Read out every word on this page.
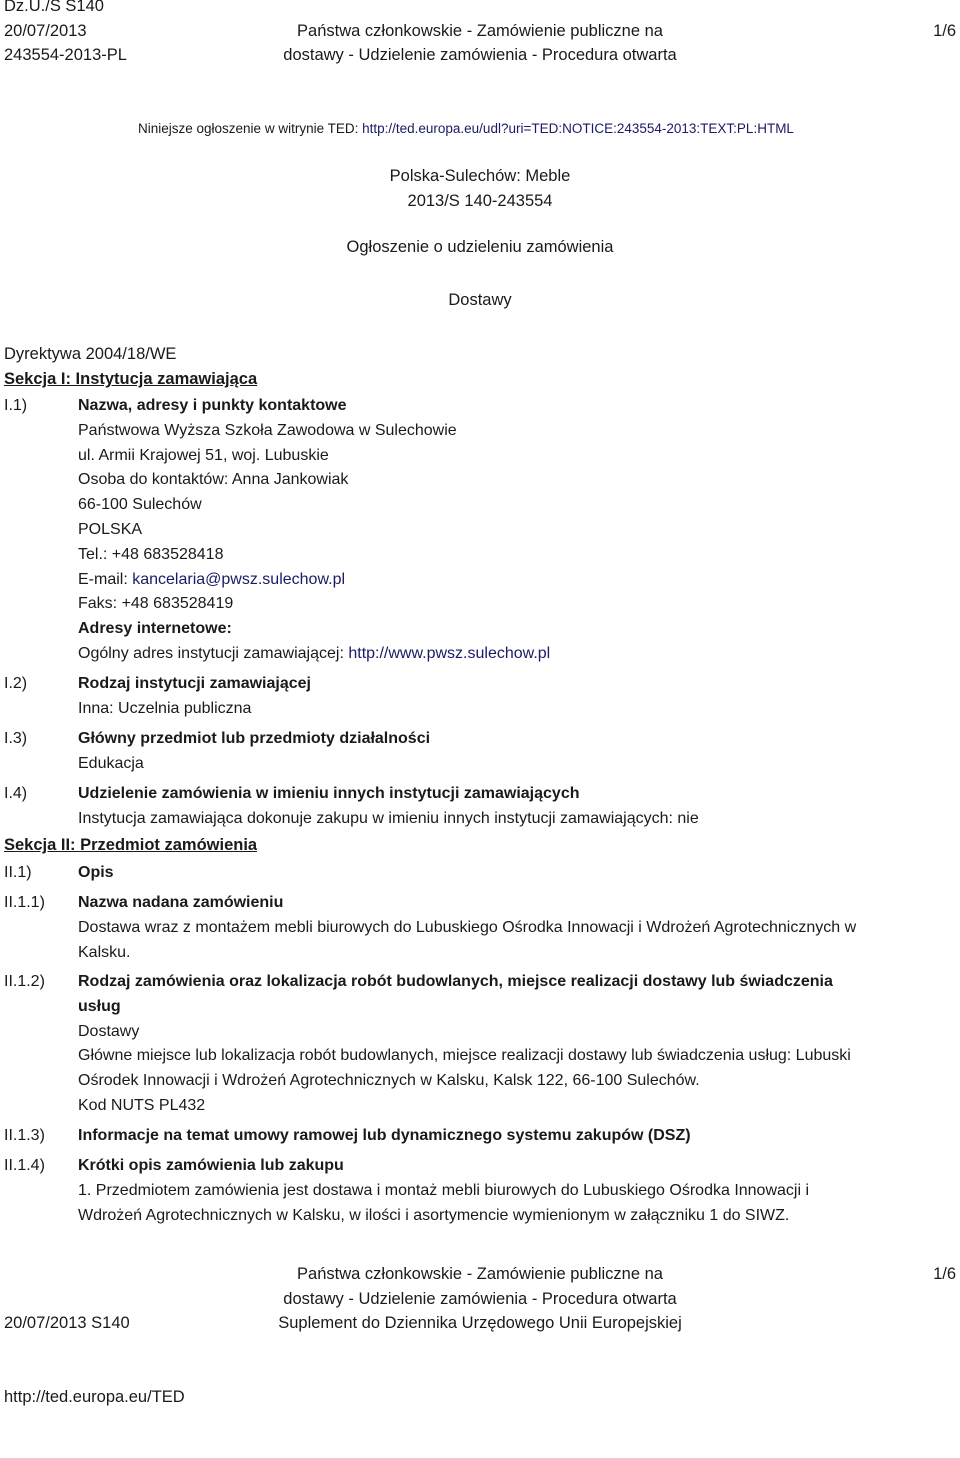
Dz.U./S S140
20/07/2013
243554-2013-PL
Państwa członkowskie - Zamówienie publiczne na
dostawy - Udzielenie zamówienia - Procedura otwarta
1/6
Niniejsze ogłoszenie w witrynie TED: http://ted.europa.eu/udl?uri=TED:NOTICE:243554-2013:TEXT:PL:HTML
Polska-Sulechów: Meble
2013/S 140-243554
Ogłoszenie o udzieleniu zamówienia
Dostawy
Dyrektywa 2004/18/WE
Sekcja I: Instytucja zamawiająca
I.1)	Nazwa, adresy i punkty kontaktowe
Państwowa Wyższa Szkoła Zawodowa w Sulechowie
ul. Armii Krajowej 51, woj. Lubuskie
Osoba do kontaktów: Anna Jankowiak
66-100 Sulechów
POLSKA
Tel.: +48 683528418
E-mail: kancelaria@pwsz.sulechow.pl
Faks: +48 683528419
Adresy internetowe:
Ogólny adres instytucji zamawiającej: http://www.pwsz.sulechow.pl
I.2)	Rodzaj instytucji zamawiającej
Inna: Uczelnia publiczna
I.3)	Główny przedmiot lub przedmioty działalności
Edukacja
I.4)	Udzielenie zamówienia w imieniu innych instytucji zamawiających
Instytucja zamawiająca dokonuje zakupu w imieniu innych instytucji zamawiających: nie
Sekcja II: Przedmiot zamówienia
II.1)	Opis
II.1.1) Nazwa nadana zamówieniu
Dostawa wraz z montażem mebli biurowych do Lubuskiego Ośrodka Innowacji i Wdrożeń Agrotechnicznych w
Kalsku.
II.1.2) Rodzaj zamówienia oraz lokalizacja robót budowlanych, miejsce realizacji dostawy lub świadczenia
usług
Dostawy
Główne miejsce lub lokalizacja robót budowlanych, miejsce realizacji dostawy lub świadczenia usług: Lubuski
Ośrodek Innowacji i Wdrożeń Agrotechnicznych w Kalsku, Kalsk 122, 66-100 Sulechów.
Kod NUTS PL432
II.1.3) Informacje na temat umowy ramowej lub dynamicznego systemu zakupów (DSZ)
II.1.4) Krótki opis zamówienia lub zakupu
1. Przedmiotem zamówienia jest dostawa i montaż mebli biurowych do Lubuskiego Ośrodka Innowacji i
Wdrożeń Agrotechnicznych w Kalsku, w ilości i asortymencie wymienionym w załączniku 1 do SIWZ.

20/07/2013 S140

http://ted.europa.eu/TED

Państwa członkowskie - Zamówienie publiczne na
dostawy - Udzielenie zamówienia - Procedura otwarta
Suplement do Dziennika Urzędowego Unii Europejskiej
1/6
